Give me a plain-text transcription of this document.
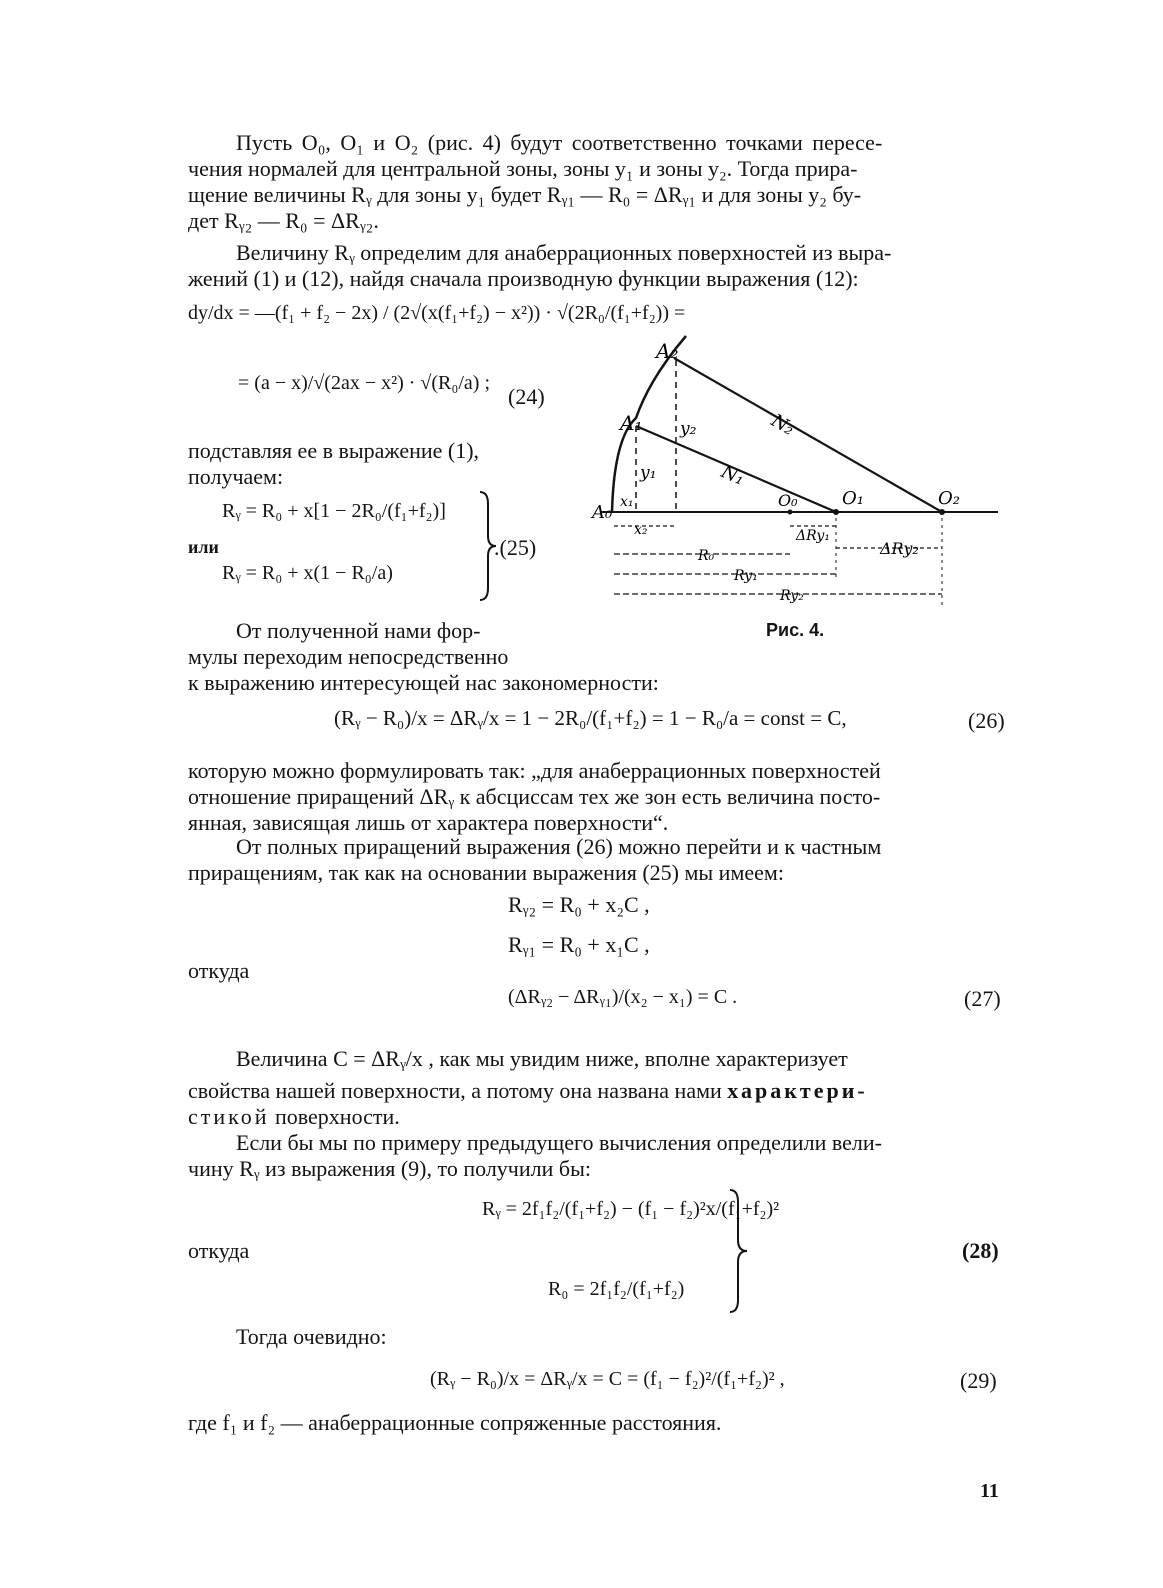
Пусть O₀, O₁ и O₂ (рис. 4) будут соответственно точками пересе-
чения нормалей для центральной зоны, зоны y₁ и зоны y₂. Тогда прира-
щение величины Rᵧ для зоны y₁ будет Rᵧ₁ — R₀ = ΔRᵧ₁ и для зоны y₂ бу-
дет Rᵧ₂ — R₀ = ΔRᵧ₂.
Величину Rᵧ определим для анаберрационных поверхностей из выра-
жений (1) и (12), найдя сначала производную функции выражения (12):
dy/dx = —(f₁ + f₂ − 2x) / (2√(x(f₁+f₂) − x²)) · √(2R₀/(f₁+f₂)) =
= (a − x)/√(2ax − x²) · √(R₀/a) ;
(24)
подставляя ее в выражение (1),
получаем:
Rᵧ = R₀ + x[1 − 2R₀/(f₁+f₂)]
или
Rᵧ = R₀ + x(1 − R₀/a)
.(25)
A₂
A₁
A₀
y₂
y₁
x₁
x₂
N₂
N₁
O₀ O₁	O₂
ΔRy₁
ΔRy₂
R₀
Ry₁
Ry₂
Рис. 4.
От полученной нами фор-
мулы переходим непосредственно
к выражению интересующей нас закономерности:
(Rᵧ − R₀)/x = ΔRᵧ/x = 1 − 2R₀/(f₁+f₂) = 1 − R₀/a = const = C,	(26)
которую можно формулировать так: „для анаберрационных поверхностей
отношение приращений ΔRᵧ к абсциссам тех же зон есть величина посто-
янная, зависящая лишь от характера поверхности“.
От полных приращений выражения (26) можно перейти и к частным
приращениям, так как на основании выражения (25) мы имеем:
Rᵧ₂ = R₀ + x₂C ,
Rᵧ₁ = R₀ + x₁C ,
откуда
(ΔRᵧ₂ − ΔRᵧ₁)/(x₂ − x₁) = C .	(27)
Величина C = ΔRᵧ/x , как мы увидим ниже, вполне характеризует
свойства нашей поверхности, а потому она названа нами характери-
стикой поверхности.
Если бы мы по примеру предыдущего вычисления определили вели-
чину Rᵧ из выражения (9), то получили бы:
Rᵧ = 2f₁f₂/(f₁+f₂) − (f₁ − f₂)²x/(f₁+f₂)²
откуда
R₀ = 2f₁f₂/(f₁+f₂)
(28)
Тогда очевидно:
(Rᵧ − R₀)/x = ΔRᵧ/x = C = (f₁ − f₂)²/(f₁+f₂)² ,	(29)
где f₁ и f₂ — анаберрационные сопряженные расстояния.
11
